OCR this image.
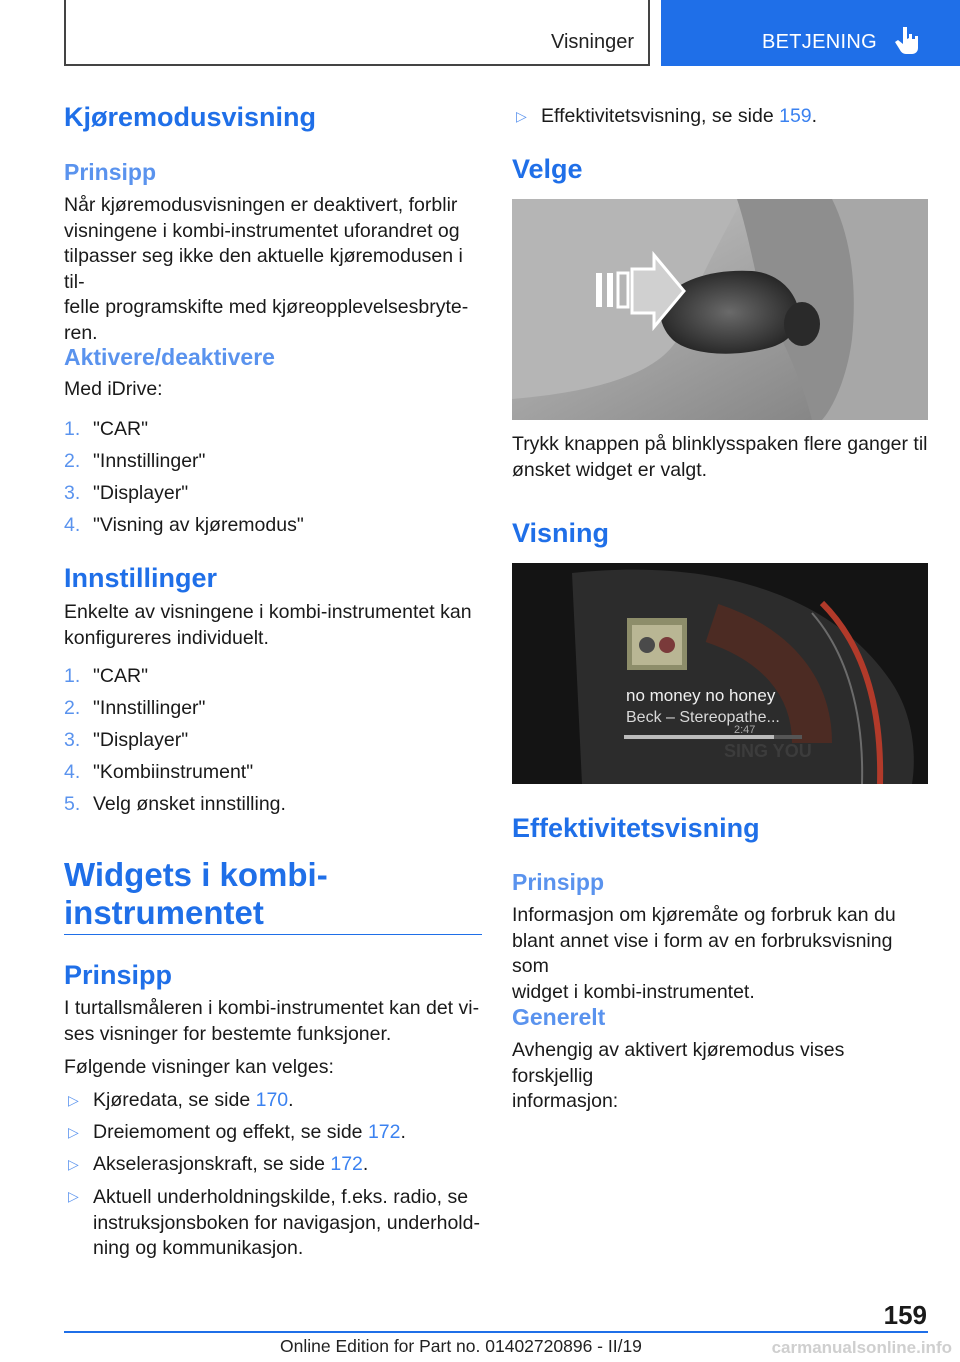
Visninger	BETJENING
Kjøremodusvisning
Prinsipp

Når kjøremodusvisningen er deaktivert, forblir
visningene i kombi-instrumentet uforandret og
tilpasser seg ikke den aktuelle kjøremodusen i til-
felle programskifte med kjøreopplevelsesbryte-
ren.

Aktivere/deaktivere

Med iDrive:

1. "CAR"
2. "Innstillinger"
3. "Displayer"
4. "Visning av kjøremodus"
Innstillinger

Enkelte av visningene i kombi-instrumentet kan
konfigureres individuelt.

1. "CAR"
2. "Innstillinger"
3. "Displayer"
4. "Kombiinstrument"
5. Velg ønsket innstilling.
Widgets i kombi-
instrumentet
Prinsipp

I turtallsmåleren i kombi-instrumentet kan det vi-
ses visninger for bestemte funksjoner.

Følgende visninger kan velges:

▷ Kjøredata, se side 170.
▷ Dreiemoment og effekt, se side 172.
▷ Akselerasjonskraft, se side 172.
▷ Aktuell underholdningskilde, f.eks. radio, se
instruksjonsboken for navigasjon, underhold-
ning og kommunikasjon.
▷ Effektivitetsvisning, se side 159.
Velge

Trykk knappen på blinklysspaken flere ganger til
ønsket widget er valgt.

Visning
no money no honey
Beck – Stereopathe...
2:47
SING YOU
Effektivitetsvisning
Prinsipp

Informasjon om kjøremåte og forbruk kan du
blant annet vise i form av en forbruksvisning som
widget i kombi-instrumentet.

Generelt

Avhengig av aktivert kjøremodus vises forskjellig
informasjon:

159
Online Edition for Part no. 01402720896 - II/19	carmanualsonline.info
